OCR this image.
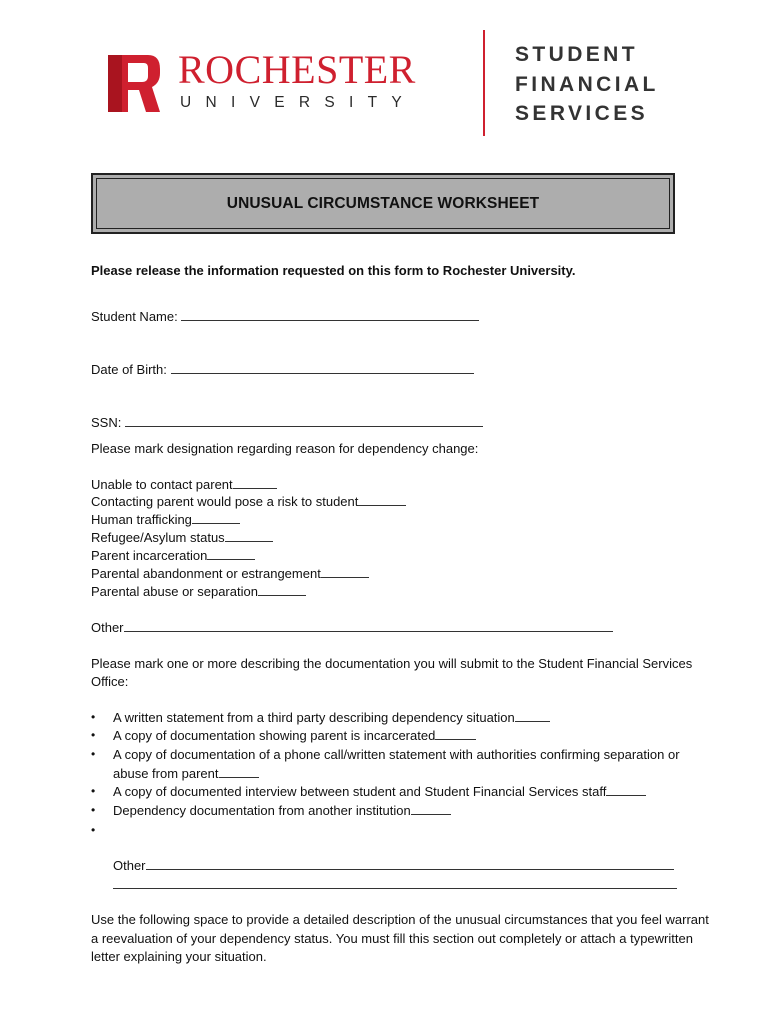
ROCHESTER
UNIVERSITY
STUDENT
FINANCIAL
SERVICES
UNUSUAL CIRCUMSTANCE WORKSHEET
Please release the information requested on this form to Rochester University.
Student Name:
Date of Birth:
SSN:
Please mark designation regarding reason for dependency change:
Unable to contact parent
Contacting parent would pose a risk to student
Human trafficking
Refugee/Asylum status
Parent incarceration
Parental abandonment or estrangement
Parental abuse or separation
Other
Please mark one or more describing the documentation you will submit to the Student Financial Services
Office:
• A written statement from a third party describing dependency situation
• A copy of documentation showing parent is incarcerated
• A copy of documentation of a phone call/written statement with authorities confirming separation or
abuse from parent
• A copy of documented interview between student and Student Financial Services staff
• Dependency documentation from another institution
•
Other
Use the following space to provide a detailed description of the unusual circumstances that you feel warrant
a reevaluation of your dependency status. You must fill this section out completely or attach a typewritten
letter explaining your situation.
